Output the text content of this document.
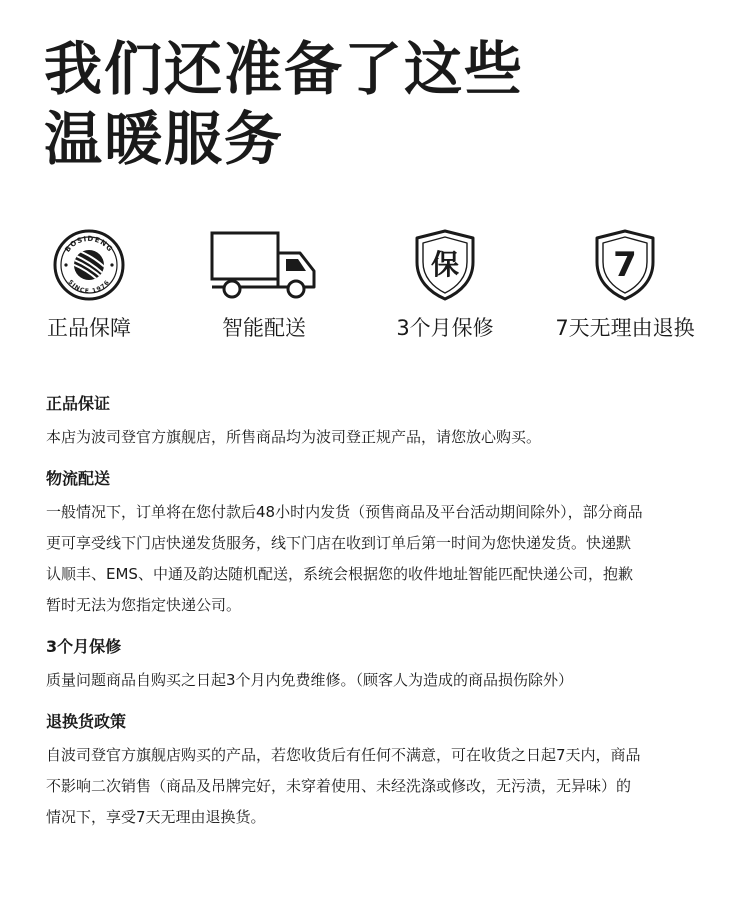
我们还准备了这些
温暖服务
BOSIDENG
SINCE 1976
正品保障	智能配送
保
3个月保修
7
7天无理由退换
正品保证

本店为波司登官方旗舰店，所售商品均为波司登正规产品，请您放心购买。

物流配送

一般情况下，订单将在您付款后48小时内发货（预售商品及平台活动期间除外），部分商品
更可享受线下门店快递发货服务，线下门店在收到订单后第一时间为您快递发货。快递默
认顺丰、EMS、中通及韵达随机配送，系统会根据您的收件地址智能匹配快递公司，抱歉
暂时无法为您指定快递公司。

3个月保修

质量问题商品自购买之日起3个月内免费维修。（顾客人为造成的商品损伤除外）

退换货政策

自波司登官方旗舰店购买的产品，若您收货后有任何不满意，可在收货之日起7天内，商品
不影响二次销售（商品及吊牌完好，未穿着使用、未经洗涤或修改，无污渍，无异味）的
情况下，享受7天无理由退换货。
